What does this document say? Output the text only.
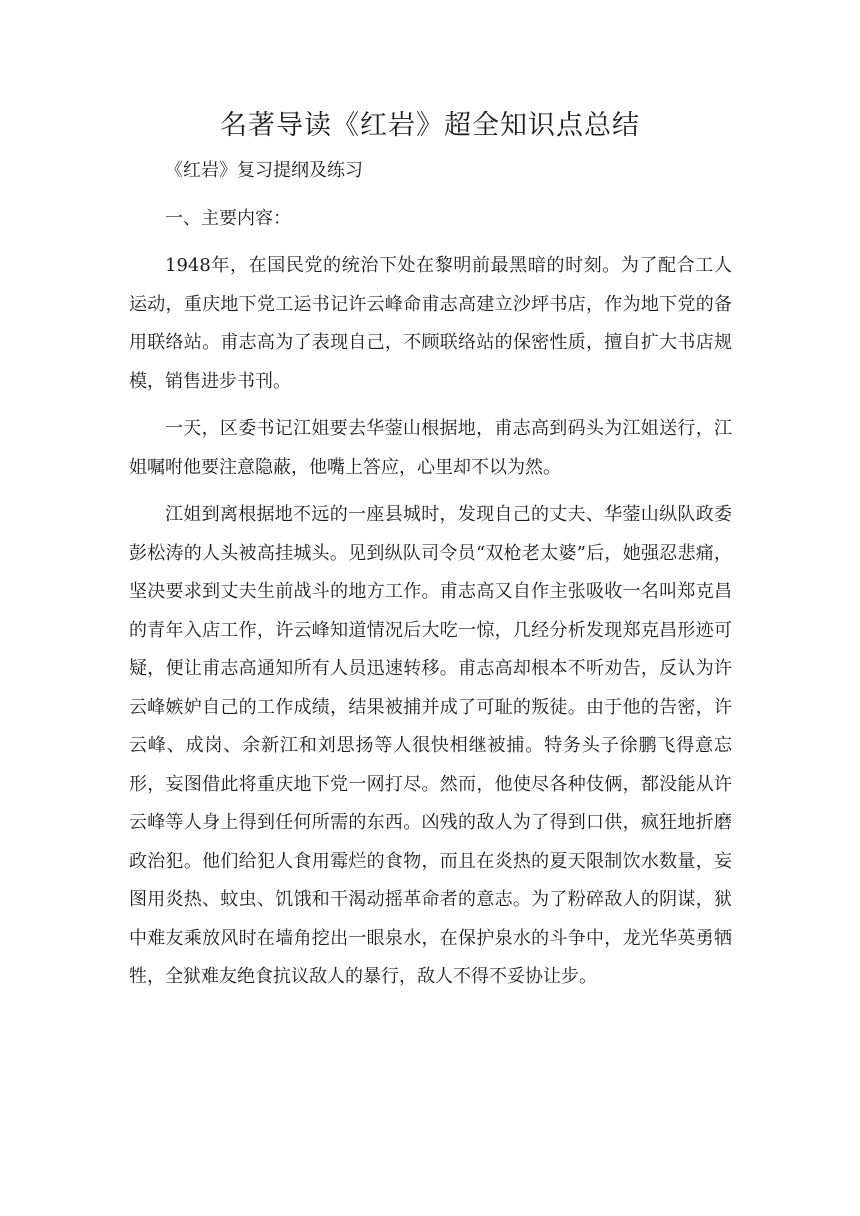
名著导读《红岩》超全知识点总结

《红岩》复习提纲及练习

一、主要内容：

1948年，在国民党的统治下处在黎明前最黑暗的时刻。为了配合工人运动，重庆地下党工运书记许云峰命甫志高建立沙坪书店，作为地下党的备用联络站。甫志高为了表现自己，不顾联络站的保密性质，擅自扩大书店规模，销售进步书刊。

一天，区委书记江姐要去华蓥山根据地，甫志高到码头为江姐送行，江姐嘱咐他要注意隐蔽，他嘴上答应，心里却不以为然。

江姐到离根据地不远的一座县城时，发现自己的丈夫、华蓥山纵队政委彭松涛的人头被高挂城头。见到纵队司令员“双枪老太婆”后，她强忍悲痛，坚决要求到丈夫生前战斗的地方工作。甫志高又自作主张吸收一名叫郑克昌的青年入店工作，许云峰知道情况后大吃一惊，几经分析发现郑克昌形迹可疑，便让甫志高通知所有人员迅速转移。甫志高却根本不听劝告，反认为许云峰嫉妒自己的工作成绩，结果被捕并成了可耻的叛徒。由于他的告密，许云峰、成岗、余新江和刘思扬等人很快相继被捕。特务头子徐鹏飞得意忘形，妄图借此将重庆地下党一网打尽。然而，他使尽各种伎俩，都没能从许云峰等人身上得到任何所需的东西。凶残的敌人为了得到口供，疯狂地折磨政治犯。他们给犯人食用霉烂的食物，而且在炎热的夏天限制饮水数量，妄图用炎热、蚊虫、饥饿和干渴动摇革命者的意志。为了粉碎敌人的阴谋，狱中难友乘放风时在墙角挖出一眼泉水，在保护泉水的斗争中，龙光华英勇牺牲，全狱难友绝食抗议敌人的暴行，敌人不得不妥协让步。
